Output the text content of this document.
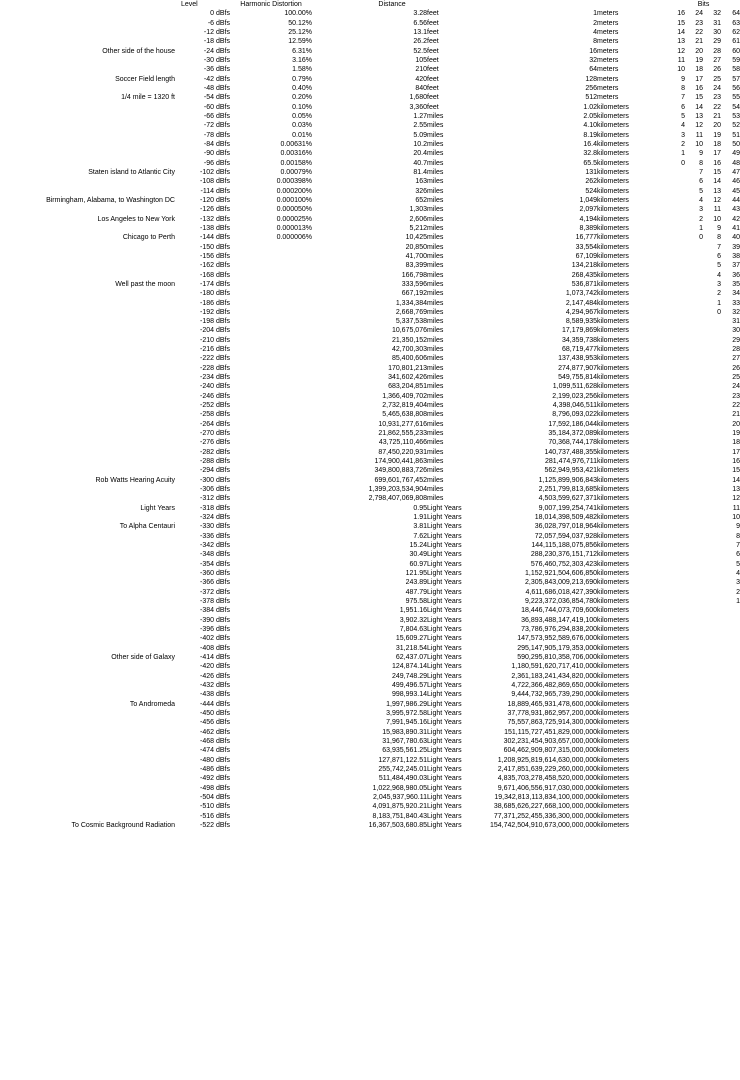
	Level	Harmonic Distortion	Distance				Bits			
	0 dBfs	100.00%	3.28	feet	1	meters	16	24	32	64
	-6 dBfs	50.12%	6.56	feet	2	meters	15	23	31	63
	-12 dBfs	25.12%	13.1	feet	4	meters	14	22	30	62
	-18 dBfs	12.59%	26.2	feet	8	meters	13	21	29	61
Other side of the house	-24 dBfs	6.31%	52.5	feet	16	meters	12	20	28	60
	-30 dBfs	3.16%	105	feet	32	meters	11	19	27	59
	-36 dBfs	1.58%	210	feet	64	meters	10	18	26	58
Soccer Field length	-42 dBfs	0.79%	420	feet	128	meters	9	17	25	57
	-48 dBfs	0.40%	840	feet	256	meters	8	16	24	56
1/4 mile = 1320 ft	-54 dBfs	0.20%	1,680	feet	512	meters	7	15	23	55
	-60 dBfs	0.10%	3,360	feet	1.02	kilometers	6	14	22	54
	-66 dBfs	0.05%	1.27	miles	2.05	kilometers	5	13	21	53
	-72 dBfs	0.03%	2.55	miles	4.10	kilometers	4	12	20	52
	-78 dBfs	0.01%	5.09	miles	8.19	kilometers	3	11	19	51
	-84 dBfs	0.00631%	10.2	miles	16.4	kilometers	2	10	18	50
	-90 dBfs	0.00316%	20.4	miles	32.8	kilometers	1	9	17	49
	-96 dBfs	0.00158%	40.7	miles	65.5	kilometers	0	8	16	48
Staten island to Atlantic City	-102 dBfs	0.00079%	81.4	miles	131	kilometers		7	15	47
	-108 dBfs	0.000398%	163	miles	262	kilometers		6	14	46
	-114 dBfs	0.000200%	326	miles	524	kilometers		5	13	45
Birmingham, Alabama, to Washington DC	-120 dBfs	0.000100%	652	miles	1,049	kilometers		4	12	44
	-126 dBfs	0.000050%	1,303	miles	2,097	kilometers		3	11	43
Los Angeles to New York	-132 dBfs	0.000025%	2,606	miles	4,194	kilometers		2	10	42
	-138 dBfs	0.000013%	5,212	miles	8,389	kilometers		1	9	41
Chicago to Perth	-144 dBfs	0.000006%	10,425	miles	16,777	kilometers		0	8	40
	-150 dBfs		20,850	miles	33,554	kilometers			7	39
	-156 dBfs		41,700	miles	67,109	kilometers			6	38
	-162 dBfs		83,399	miles	134,218	kilometers			5	37
	-168 dBfs		166,798	miles	268,435	kilometers			4	36
Well past the moon	-174 dBfs		333,596	miles	536,871	kilometers			3	35
	-180 dBfs		667,192	miles	1,073,742	kilometers			2	34
	-186 dBfs		1,334,384	miles	2,147,484	kilometers			1	33
	-192 dBfs		2,668,769	miles	4,294,967	kilometers			0	32
	-198 dBfs		5,337,538	miles	8,589,935	kilometers				31
	-204 dBfs		10,675,076	miles	17,179,869	kilometers				30
	-210 dBfs		21,350,152	miles	34,359,738	kilometers				29
	-216 dBfs		42,700,303	miles	68,719,477	kilometers				28
	-222 dBfs		85,400,606	miles	137,438,953	kilometers				27
	-228 dBfs		170,801,213	miles	274,877,907	kilometers				26
	-234 dBfs		341,602,426	miles	549,755,814	kilometers				25
	-240 dBfs		683,204,851	miles	1,099,511,628	kilometers				24
	-246 dBfs		1,366,409,702	miles	2,199,023,256	kilometers				23
	-252 dBfs		2,732,819,404	miles	4,398,046,511	kilometers				22
	-258 dBfs		5,465,638,808	miles	8,796,093,022	kilometers				21
	-264 dBfs		10,931,277,616	miles	17,592,186,044	kilometers				20
	-270 dBfs		21,862,555,233	miles	35,184,372,089	kilometers				19
	-276 dBfs		43,725,110,466	miles	70,368,744,178	kilometers				18
	-282 dBfs		87,450,220,931	miles	140,737,488,355	kilometers				17
	-288 dBfs		174,900,441,863	miles	281,474,976,711	kilometers				16
	-294 dBfs		349,800,883,726	miles	562,949,953,421	kilometers				15
Rob Watts Hearing Acuity	-300 dBfs		699,601,767,452	miles	1,125,899,906,843	kilometers				14
	-306 dBfs		1,399,203,534,904	miles	2,251,799,813,685	kilometers				13
	-312 dBfs		2,798,407,069,808	miles	4,503,599,627,371	kilometers				12
Light Years	-318 dBfs		0.95	Light Years	9,007,199,254,741	kilometers				11
	-324 dBfs		1.91	Light Years	18,014,398,509,482	kilometers				10
To Alpha Centauri	-330 dBfs		3.81	Light Years	36,028,797,018,964	kilometers				9
	-336 dBfs		7.62	Light Years	72,057,594,037,928	kilometers				8
	-342 dBfs		15.24	Light Years	144,115,188,075,856	kilometers				7
	-348 dBfs		30.49	Light Years	288,230,376,151,712	kilometers				6
	-354 dBfs		60.97	Light Years	576,460,752,303,423	kilometers				5
	-360 dBfs		121.95	Light Years	1,152,921,504,606,850	kilometers				4
	-366 dBfs		243.89	Light Years	2,305,843,009,213,690	kilometers				3
	-372 dBfs		487.79	Light Years	4,611,686,018,427,390	kilometers				2
	-378 dBfs		975.58	Light Years	9,223,372,036,854,780	kilometers				1
	-384 dBfs		1,951.16	Light Years	18,446,744,073,709,600	kilometers				
	-390 dBfs		3,902.32	Light Years	36,893,488,147,419,100	kilometers				
	-396 dBfs		7,804.63	Light Years	73,786,976,294,838,200	kilometers				
	-402 dBfs		15,609.27	Light Years	147,573,952,589,676,000	kilometers				
	-408 dBfs		31,218.54	Light Years	295,147,905,179,353,000	kilometers				
Other side of Galaxy	-414 dBfs		62,437.07	Light Years	590,295,810,358,706,000	kilometers				
	-420 dBfs		124,874.14	Light Years	1,180,591,620,717,410,000	kilometers				
	-426 dBfs		249,748.29	Light Years	2,361,183,241,434,820,000	kilometers				
	-432 dBfs		499,496.57	Light Years	4,722,366,482,869,650,000	kilometers				
	-438 dBfs		998,993.14	Light Years	9,444,732,965,739,290,000	kilometers				
To Andromeda	-444 dBfs		1,997,986.29	Light Years	18,889,465,931,478,600,000	kilometers				
	-450 dBfs		3,995,972.58	Light Years	37,778,931,862,957,200,000	kilometers				
	-456 dBfs		7,991,945.16	Light Years	75,557,863,725,914,300,000	kilometers				
	-462 dBfs		15,983,890.31	Light Years	151,115,727,451,829,000,000	kilometers				
	-468 dBfs		31,967,780.63	Light Years	302,231,454,903,657,000,000	kilometers				
	-474 dBfs		63,935,561.25	Light Years	604,462,909,807,315,000,000	kilometers				
	-480 dBfs		127,871,122.51	Light Years	1,208,925,819,614,630,000,000	kilometers				
	-486 dBfs		255,742,245.01	Light Years	2,417,851,639,229,260,000,000	kilometers				
	-492 dBfs		511,484,490.03	Light Years	4,835,703,278,458,520,000,000	kilometers				
	-498 dBfs		1,022,968,980.05	Light Years	9,671,406,556,917,030,000,000	kilometers				
	-504 dBfs		2,045,937,960.11	Light Years	19,342,813,113,834,100,000,000	kilometers				
	-510 dBfs		4,091,875,920.21	Light Years	38,685,626,227,668,100,000,000	kilometers				
	-516 dBfs		8,183,751,840.43	Light Years	77,371,252,455,336,300,000,000	kilometers				
To Cosmic Background Radiation	-522 dBfs		16,367,503,680.85	Light Years	154,742,504,910,673,000,000,000	kilometers				
